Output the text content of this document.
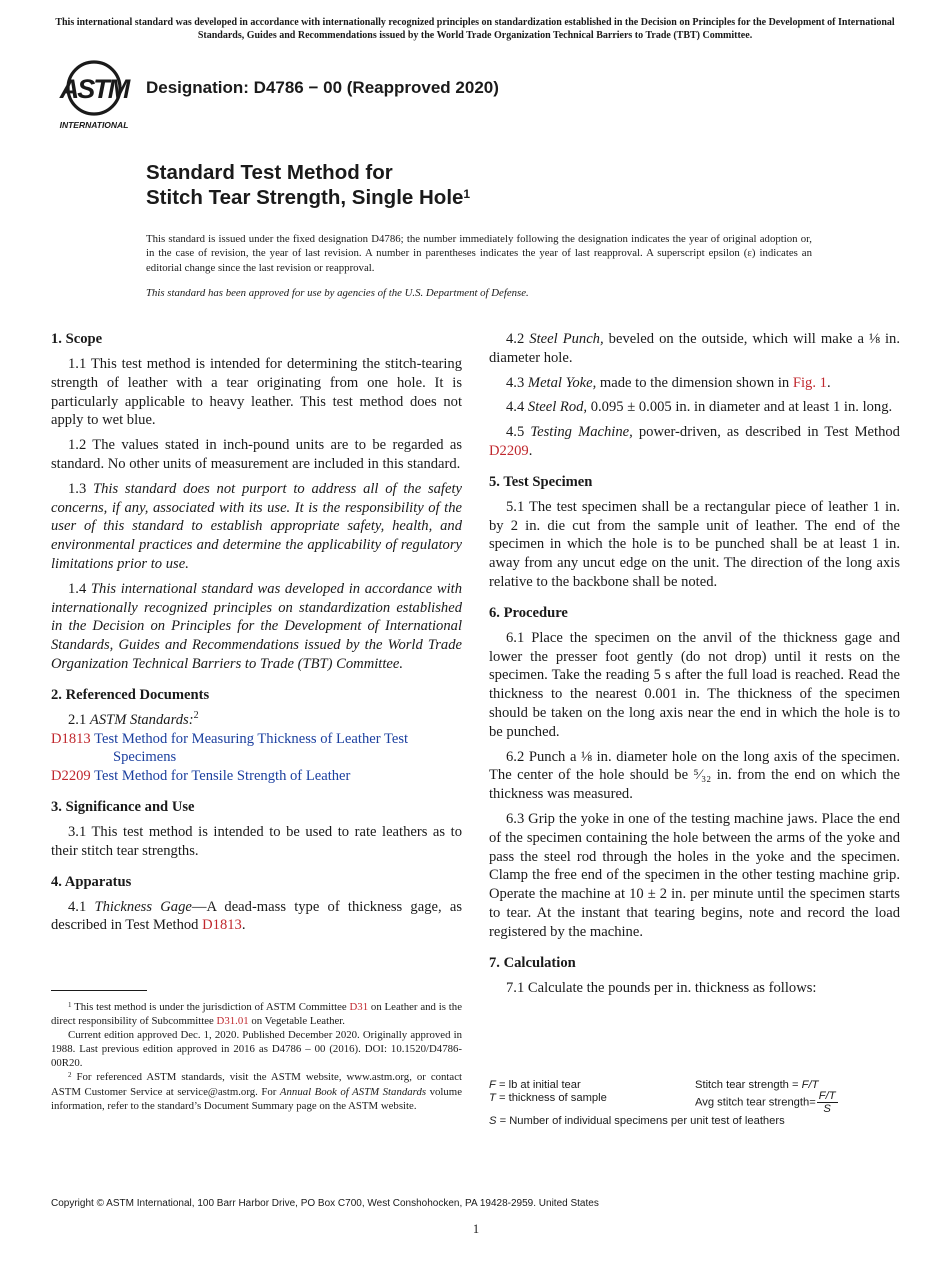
This international standard was developed in accordance with internationally recognized principles on standardization established in the Decision on Principles for the Development of International Standards, Guides and Recommendations issued by the World Trade Organization Technical Barriers to Trade (TBT) Committee.
ASTM
INTERNATIONAL
Designation: D4786 − 00 (Reapproved 2020)
Standard Test Method for
Stitch Tear Strength, Single Hole$^1$
This standard is issued under the fixed designation D4786; the number immediately following the designation indicates the year of original adoption or, in the case of revision, the year of last revision. A number in parentheses indicates the year of last reapproval. A superscript epsilon (ε) indicates an editorial change since the last revision or reapproval.
This standard has been approved for use by agencies of the U.S. Department of Defense.
1. Scope

1.1 This test method is intended for determining the stitch-tearing strength of leather with a tear originating from one hole. It is particularly applicable to heavy leather. This test method does not apply to wet blue.

1.2 The values stated in inch-pound units are to be regarded as standard. No other units of measurement are included in this standard.

1.3 This standard does not purport to address all of the safety concerns, if any, associated with its use. It is the responsibility of the user of this standard to establish appropriate safety, health, and environmental practices and determine the applicability of regulatory limitations prior to use.

1.4 This international standard was developed in accordance with internationally recognized principles on standardization established in the Decision on Principles for the Development of International Standards, Guides and Recommendations issued by the World Trade Organization Technical Barriers to Trade (TBT) Committee.

2. Referenced Documents

2.1 ASTM Standards:$^2$

D1813 Test Method for Measuring Thickness of Leather Test Specimens

D2209 Test Method for Tensile Strength of Leather

3. Significance and Use

3.1 This test method is intended to be used to rate leathers as to their stitch tear strengths.

4. Apparatus

4.1 Thickness Gage—A dead-mass type of thickness gage, as described in Test Method D1813.

$^1$ This test method is under the jurisdiction of ASTM Committee D31 on Leather and is the direct responsibility of Subcommittee D31.01 on Vegetable Leather.

Current edition approved Dec. 1, 2020. Published December 2020. Originally approved in 1988. Last previous edition approved in 2016 as D4786 – 00 (2016). DOI: 10.1520/D4786-00R20.

$^2$ For referenced ASTM standards, visit the ASTM website, www.astm.org, or contact ASTM Customer Service at service@astm.org. For Annual Book of ASTM Standards volume information, refer to the standard’s Document Summary page on the ASTM website.

4.2 Steel Punch, beveled on the outside, which will make a ⅛ in. diameter hole.

4.3 Metal Yoke, made to the dimension shown in Fig. 1.

4.4 Steel Rod, 0.095 ± 0.005 in. in diameter and at least 1 in. long.

4.5 Testing Machine, power-driven, as described in Test Method D2209.

5. Test Specimen

5.1 The test specimen shall be a rectangular piece of leather 1 in. by 2 in. die cut from the sample unit of leather. The end of the specimen in which the hole is to be punched shall be at least 1 in. away from any uncut edge on the unit. The direction of the long axis relative to the backbone shall be noted.

6. Procedure

6.1 Place the specimen on the anvil of the thickness gage and lower the presser foot gently (do not drop) until it rests on the specimen. Take the reading 5 s after the full load is reached. Read the thickness to the nearest 0.001 in. The thickness of the specimen should be taken on the long axis near the end in which the hole is to be punched.

6.2 Punch a ⅛ in. diameter hole on the long axis of the specimen. The center of the hole should be ⁵⁄₃₂ in. from the end on which the thickness was measured.

6.3 Grip the yoke in one of the testing machine jaws. Place the end of the specimen containing the hole between the arms of the yoke and pass the steel rod through the holes in the yoke and the specimen. Clamp the free end of the specimen in the other testing machine grip. Operate the machine at 10 ± 2 in. per minute until the specimen starts to tear. At the instant that tearing begins, note and record the load registered by the machine.

7. Calculation

7.1 Calculate the pounds per in. thickness as follows:

F = lb at initial tear
T = thickness of sample
S = Number of individual specimens per unit test of leathers
Stitch tear strength = F/T
Avg stitch tear strength= $\frac{F/T}{S}$
Copyright © ASTM International, 100 Barr Harbor Drive, PO Box C700, West Conshohocken, PA 19428-2959. United States
1
